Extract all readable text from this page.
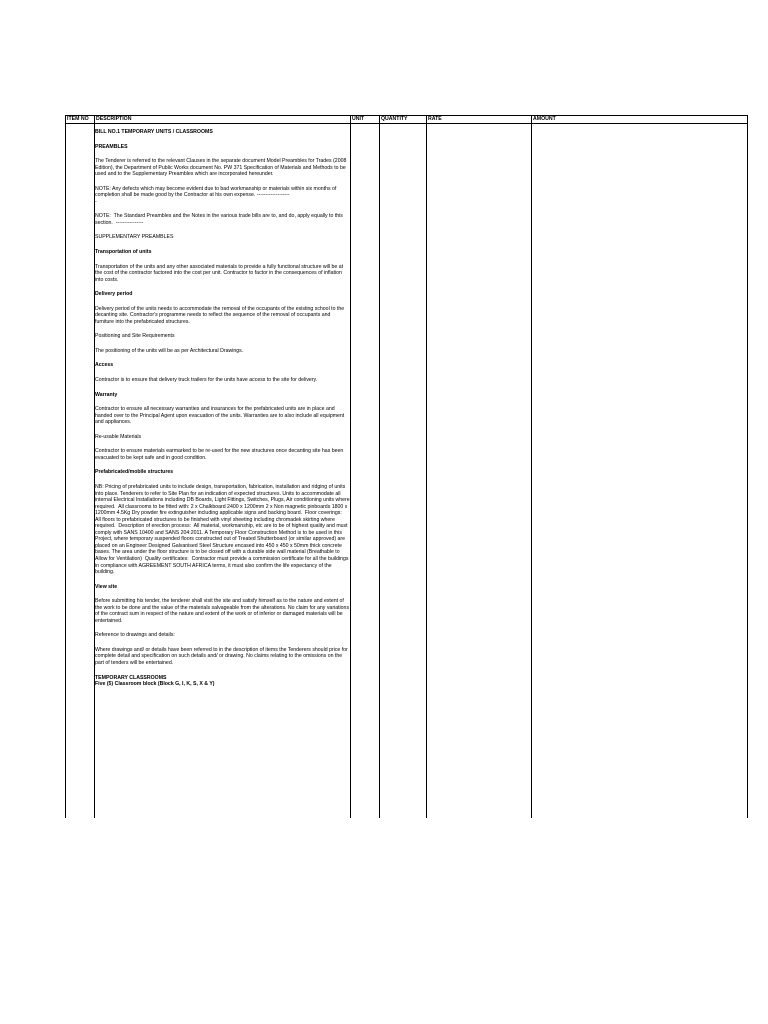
ITEM NO DESCRIPTION	UNIT	QUANTITY	RATE	AMOUNT
BILL NO.1 TEMPORARY UNITS / CLASSROOMS
PREAMBLES
The Tenderer is referred to the relevant Clauses in the separate document Model Preambles for Trades (2008 Edition), the Department of Public Works document No. PW 371 Specification of Materials and Methods to be used and to the Supplementary Preambles which are incorporated hereunder.
NOTE: Any defects which may become evident due to bad workmanship or materials within six months of completion shall be made good by the Contractor at his own expense. -------------------
-
NOTE:  The Standard Preambles and the Notes in the various trade bills are to, and do, apply equally to this section.  ----------------
SUPPLEMENTARY PREAMBLES
Transportation of units
Transportation of the units and any other associated materials to provide a fully functional structure will be at the cost of the contractor factored into the cost per unit. Contractor to factor in the consequences of inflation into costs.
Delivery period
Delivery period of the units needs to accommodate the removal of the occupants of the existing school to the decanting site. Contractor's programme needs to reflect the sequence of the removal of occupants and furniture into the prefabricated structures.
Positioning and Site Requirements
The positioning of the units will be as per Architectural Drawings.
Access
Contractor is to ensure that delivery truck trailers for the units have access to the site for delivery.
Warranty
Contractor to ensure all necessary warranties and insurances for the prefabricated units are in place and handed over to the Principal Agent upon evacuation of the units. Warranties are to also include all equipment and appliances.
Re-usable Materials
Contractor to ensure materials earmarked to be re-used for the new structures once decanting site has been evacuated to be kept safe and in good condition.
Prefabricated/mobile structures
NB: Pricing of prefabricated units to include design, transportation, fabrication, installation and ridging of units into place. Tenderers to refer to Site Plan for an indication of expected structures. Units to accommodate all internal Electrical Installations including DB Boards, Light Fittings, Switches, Plugs, Air conditioning units where required.  All classrooms to be fitted with: 2 x Chalkboard 2400 x 1200mm 2 x Non magnetic pinboards 1800 x 1200mm 4.5Kg Dry powder fire extinguisher including applicable signs and backing board.  Floor coverings:  All floors to prefabricated structures to be finished with vinyl sheeting including chromadek skirting where required.  Description of erection process:  All material, workmanship, etc are to be of highest quality and must comply with SANS 10400 and SANS 204:2011. A Temporary Floor Construction Method is to be used in this Project, where temporary suspended floors constructed out of Treated Shutterboard (or similar approved) are placed on an Engineer Designed Galvanised Steel Structure encased into 450 x 450 x 50mm thick concrete bases. The area under the floor structure is to be closed off with a durable side wall material (Breathable to Allow for Ventilation)  Quality certificates:  Contractor must provide a commission certificate for all the buildings in compliance with AGREEMENT SOUTH AFRICA terms, it must also confirm the life expectancy of the building.
View site
Before submitting his tender, the tenderer shall visit the site and satisfy himself as to the nature and extent of the work to be done and the value of the materials salvageable from the alterations. No claim for any variations of the contract sum in respect of the nature and extent of the work or of inferior or damaged materials will be entertained.
Reference to drawings and details:
Where drawings and/ or details have been referred to in the description of items the Tenderers should price for complete detail and specification on such details and/ or drawing. No claims relating to the omissions on the part of tenders will be entertained.
TEMPORARY CLASSROOMS
Five (5) Classroom block (Block G, I, K, S, X & Y)
